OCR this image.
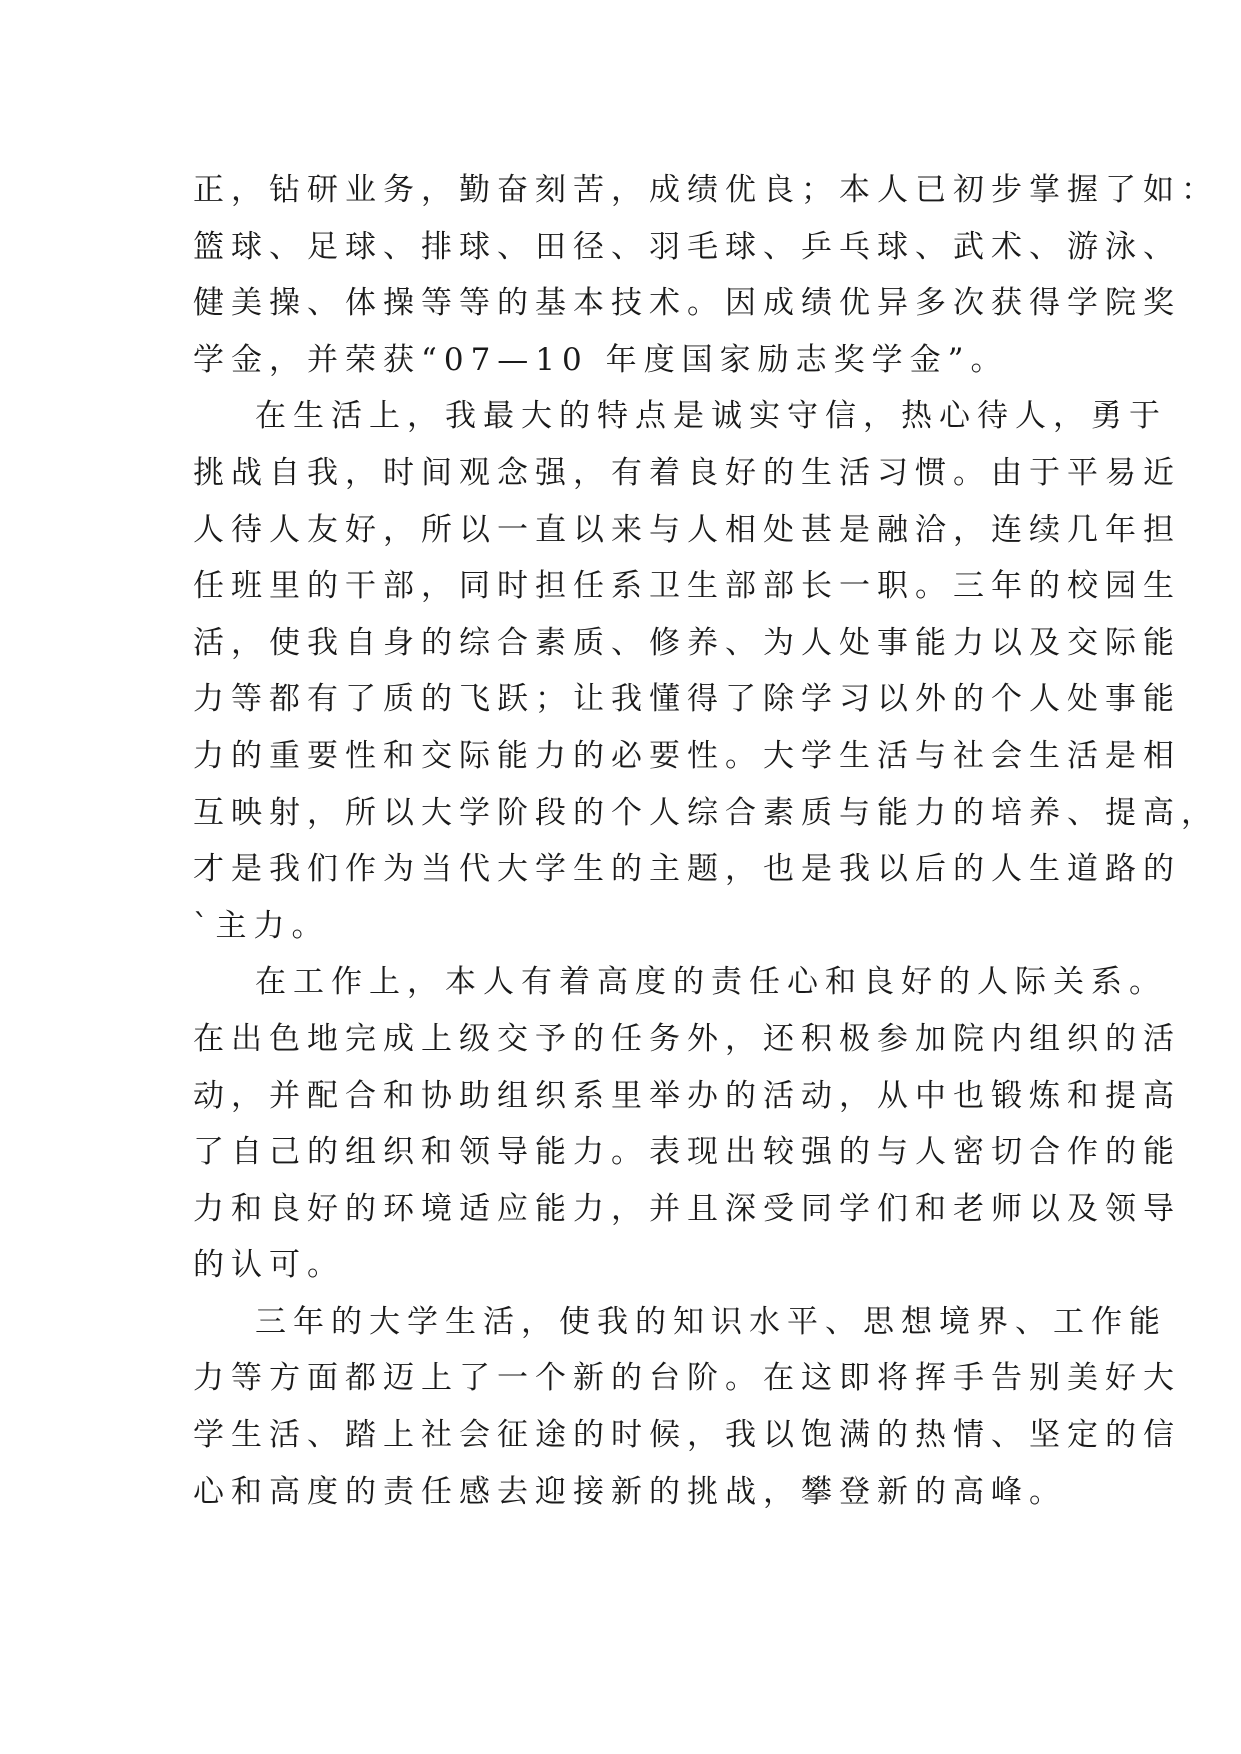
正，钻研业务，勤奋刻苦，成绩优良；本人已初步掌握了如：
篮球、足球、排球、田径、羽毛球、乒乓球、武术、游泳、
健美操、体操等等的基本技术。因成绩优异多次获得学院奖
学金，并荣获“07—10 年度国家励志奖学金”。
在生活上，我最大的特点是诚实守信，热心待人，勇于
挑战自我，时间观念强，有着良好的生活习惯。由于平易近
人待人友好，所以一直以来与人相处甚是融洽，连续几年担
任班里的干部，同时担任系卫生部部长一职。三年的校园生
活，使我自身的综合素质、修养、为人处事能力以及交际能
力等都有了质的飞跃；让我懂得了除学习以外的个人处事能
力的重要性和交际能力的必要性。大学生活与社会生活是相
互映射，所以大学阶段的个人综合素质与能力的培养、提高，
才是我们作为当代大学生的主题，也是我以后的人生道路的
`主力。
在工作上，本人有着高度的责任心和良好的人际关系。
在出色地完成上级交予的任务外，还积极参加院内组织的活
动，并配合和协助组织系里举办的活动，从中也锻炼和提高
了自己的组织和领导能力。表现出较强的与人密切合作的能
力和良好的环境适应能力，并且深受同学们和老师以及领导
的认可。
三年的大学生活，使我的知识水平、思想境界、工作能
力等方面都迈上了一个新的台阶。在这即将挥手告别美好大
学生活、踏上社会征途的时候，我以饱满的热情、坚定的信
心和高度的责任感去迎接新的挑战，攀登新的高峰。
